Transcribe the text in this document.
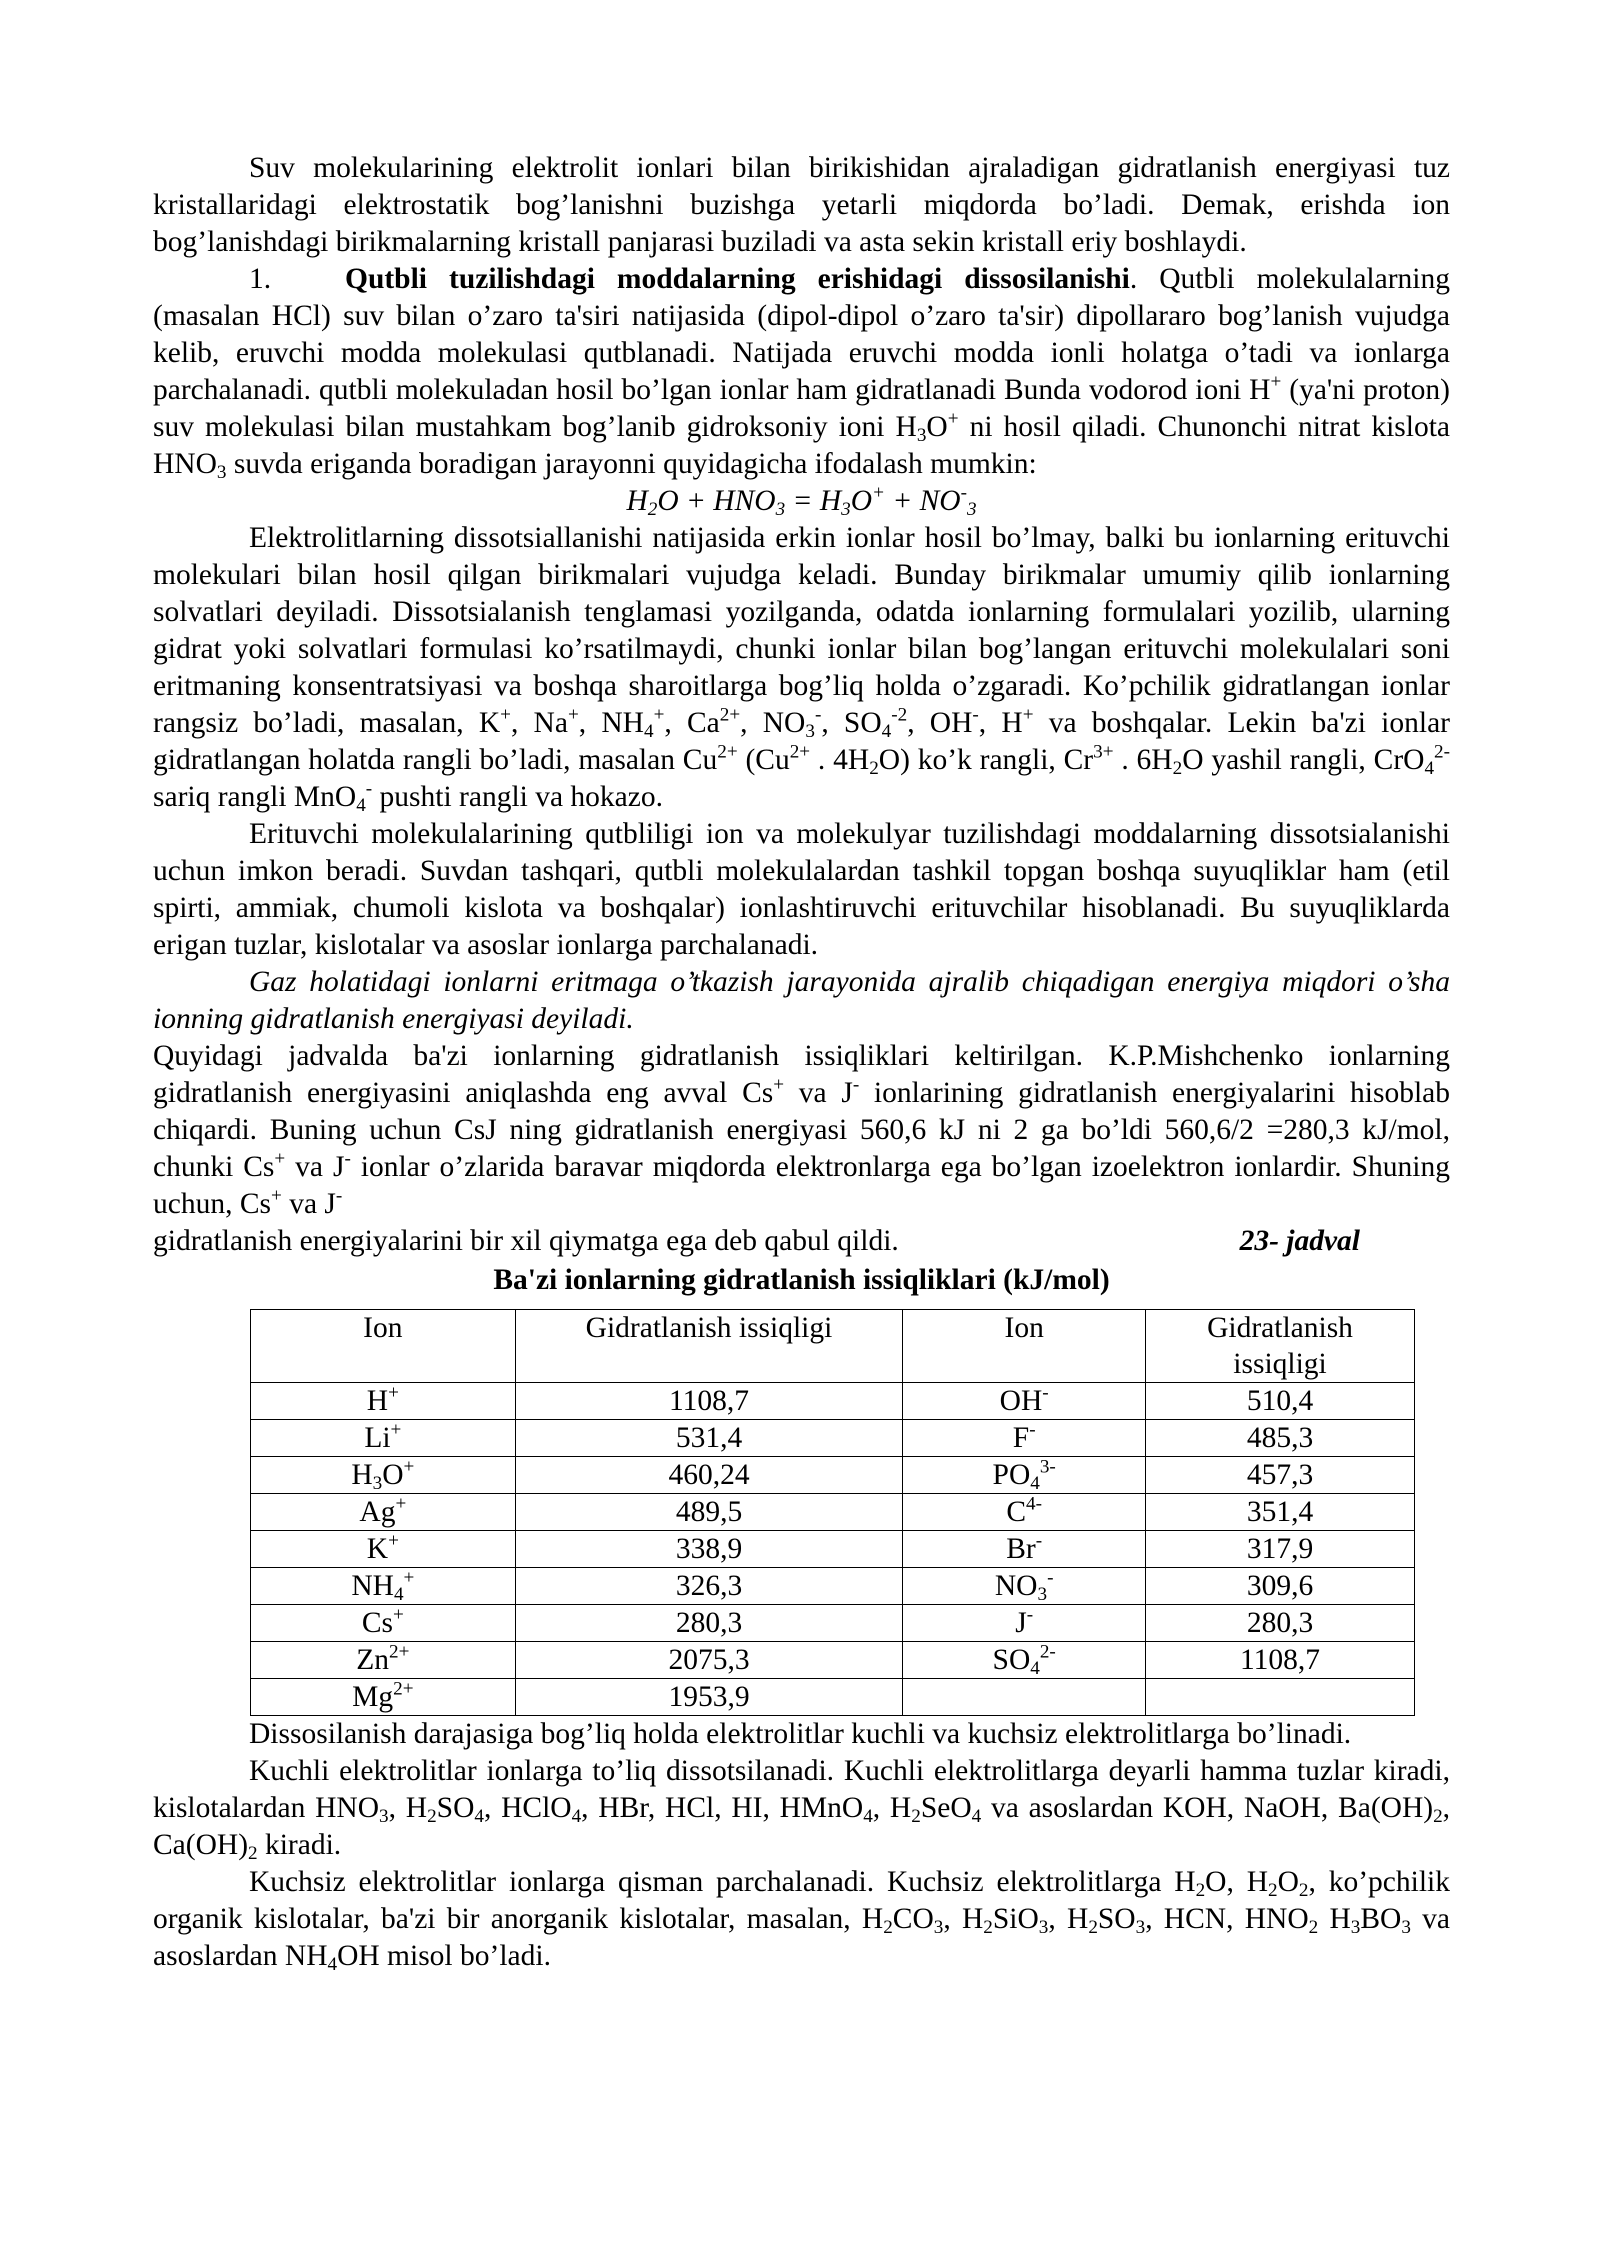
Suv molekularining elektrolit ionlari bilan birikishidan ajraladigan gidratlanish energiyasi tuz kristallaridagi elektrostatik bog’lanishni buzishga yetarli miqdorda bo’ladi. Demak, erishda ion bog’lanishdagi birikmalarning kristall panjarasi buziladi va asta sekin kristall eriy boshlaydi.

1.	Qutbli tuzilishdagi moddalarning erishidagi dissosilanishi. Qutbli molekulalarning (masalan HCl) suv bilan o’zaro ta'siri natijasida (dipol-dipol o’zaro ta'sir) dipollararo bog’lanish vujudga kelib, eruvchi modda molekulasi qutblanadi. Natijada eruvchi modda ionli holatga o’tadi va ionlarga parchalanadi. qutbli molekuladan hosil bo’lgan ionlar ham gidratlanadi Bunda vodorod ioni H+ (ya'ni proton) suv molekulasi bilan mustahkam bog’lanib gidroksoniy ioni $H_3O^+$ ni hosil qiladi. Chunonchi nitrat kislota $HNO_3$ suvda eriganda boradigan jarayonni quyidagicha ifodalash mumkin:

$H_2O + HNO_3 = H_3O^+ + NO^-_3$

Elektrolitlarning dissotsiallanishi natijasida erkin ionlar hosil bo’lmay, balki bu ionlarning erituvchi molekulari bilan hosil qilgan birikmalari vujudga keladi. Bunday birikmalar umumiy qilib ionlarning solvatlari deyiladi. Dissotsialanish tenglamasi yozilganda, odatda ionlarning formulalari yozilib, ularning gidrat yoki solvatlari formulasi ko’rsatilmaydi, chunki ionlar bilan bog’langan erituvchi molekulalari soni eritmaning konsentratsiyasi va boshqa sharoitlarga bog’liq holda o’zgaradi. Ko’pchilik gidratlangan ionlar rangsiz bo’ladi, masalan, K+, Na+, $NH_4^+$, $Ca^{2+}$, $NO_3^-$, $SO_4^{-2}$, OH-, H+ va boshqalar. Lekin ba'zi ionlar gidratlangan holatda rangli bo’ladi, masalan $Cu^{2+}$ ($Cu^{2+}$ . $4H_2O$) ko’k rangli, $Cr^{3+}$ . $6H_2O$ yashil rangli, CrO$_4^{2-}$ sariq rangli MnO$_4$- pushti rangli va hokazo.

Erituvchi molekulalarining qutbliligi ion va molekulyar tuzilishdagi moddalarning dissotsialanishi uchun imkon beradi. Suvdan tashqari, qutbli molekulalardan tashkil topgan boshqa suyuqliklar ham (etil spirti, ammiak, chumoli kislota va boshqalar) ionlashtiruvchi erituvchilar hisoblanadi. Bu suyuqliklarda erigan tuzlar, kislotalar va asoslar ionlarga parchalanadi.

Gaz holatidagi ionlarni eritmaga o’tkazish jarayonida ajralib chiqadigan energiya miqdori o’sha ionning gidratlanish energiyasi deyiladi.

Quyidagi jadvalda ba'zi ionlarning gidratlanish issiqliklari keltirilgan. K.P.Mishchenko ionlarning gidratlanish energiyasini aniqlashda eng avval Cs+ va J- ionlarining gidratlanish energiyalarini hisoblab chiqardi. Buning uchun CsJ ning gidratlanish energiyasi 560,6 kJ ni 2 ga bo’ldi 560,6/2 =280,3 kJ/mol, chunki Cs+ va J- ionlar o’zlarida baravar miqdorda elektronlarga ega bo’lgan izoelektron ionlardir. Shuning uchun, Cs+ va J-

gidratlanish energiyalarini bir xil qiymatga ega deb qabul qildi.	23- jadval
Ba'zi ionlarning gidratlanish issiqliklari (kJ/mol)
Ion	Gidratlanish issiqligi	Ion	Gidratlanish issiqligi
H+	1108,7	OH-	510,4
Li+	531,4	F-	485,3
$H_3O^+$	460,24	$PO_4^{3-}$	457,3
Ag+	489,5	$C^{4-}$	351,4
K+	338,9	Br-	317,9
$NH_4^+$	326,3	$NO_3^-$	309,6
Cs+	280,3	J-	280,3
$Zn^{2+}$	2075,3	$SO_4^{2-}$	1108,7
$Mg^{2+}$	1953,9		

Dissosilanish darajasiga bog’liq holda elektrolitlar kuchli va kuchsiz elektrolitlarga bo’linadi.

Kuchli elektrolitlar ionlarga to’liq dissotsilanadi. Kuchli elektrolitlarga deyarli hamma tuzlar kiradi, kislotalardan $HNO_3$, $H_2SO_4$, HClO$_4$, HBr, HCl, HI, HMnO$_4$, $H_2SeO_4$ va asoslardan KOH, NaOH, $Ba(OH)_2$, $Ca(OH)_2$ kiradi.

Kuchsiz elektrolitlar ionlarga qisman parchalanadi. Kuchsiz elektrolitlarga $H_2O$, $H_2O_2$, ko’pchilik organik kislotalar, ba'zi bir anorganik kislotalar, masalan, $H_2CO_3$, $H_2SiO_3$, $H_2SO_3$, HCN, $HNO_2$ $H_3BO_3$ va asoslardan $NH_4OH$ misol bo’ladi.
